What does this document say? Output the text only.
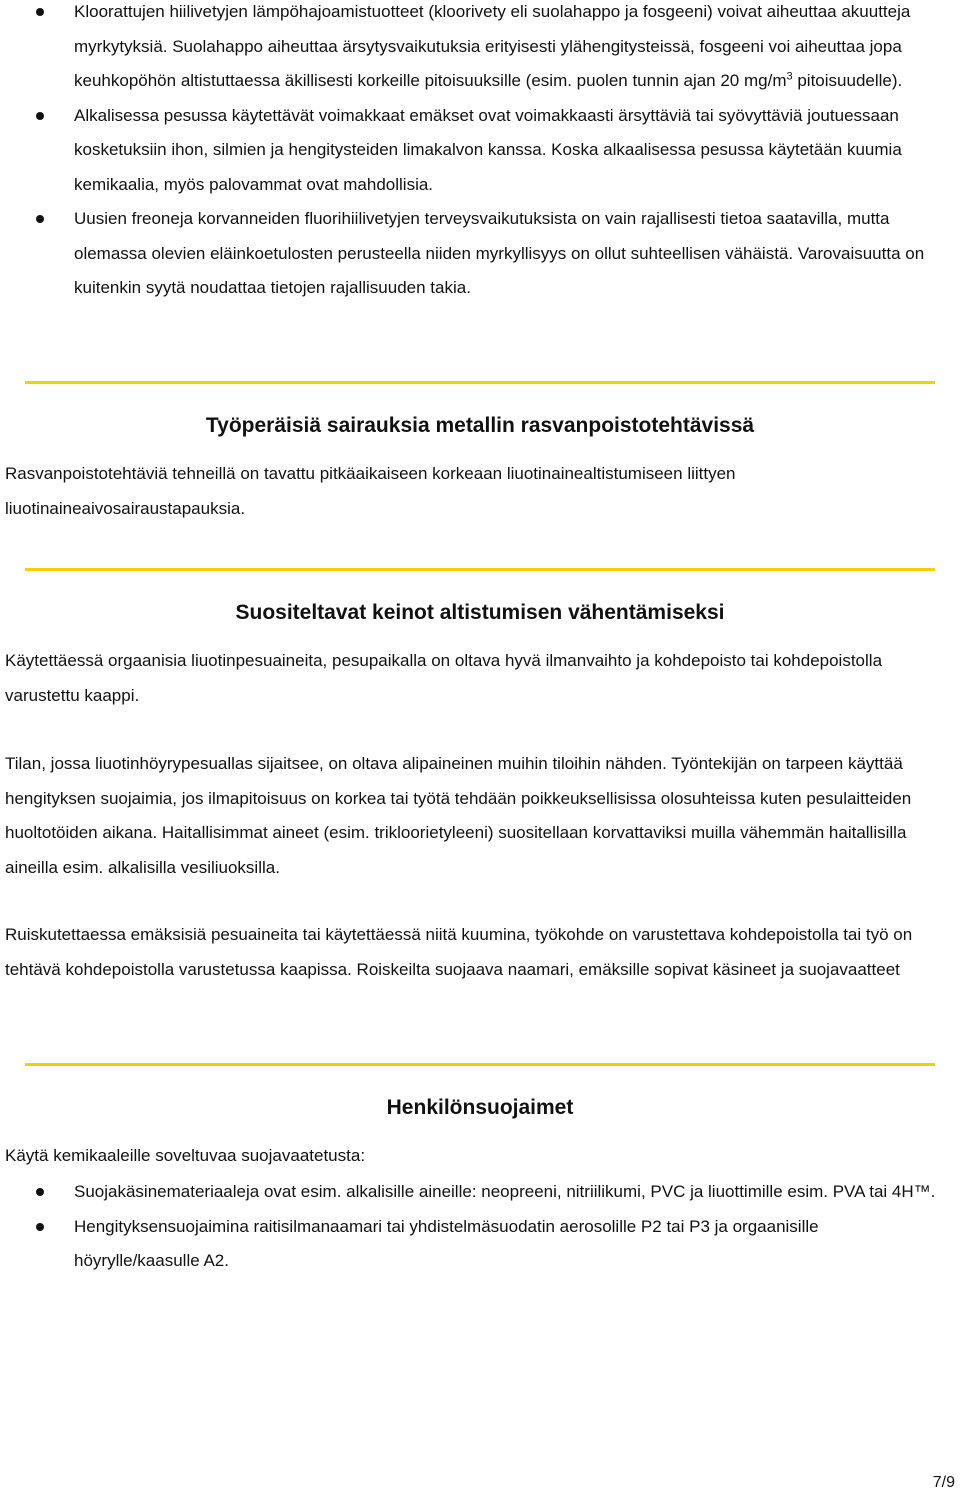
Kloorattujen hiilivetyjen lämpöhajoamistuotteet (kloorivety eli suolahappo ja fosgeeni) voivat aiheuttaa akuutteja myrkytyksiä. Suolahappo aiheuttaa ärsytysvaikutuksia erityisesti ylähengitysteissä, fosgeeni voi aiheuttaa jopa keuhkopöhön altistuttaessa äkillisesti korkeille pitoisuuksille (esim. puolen tunnin ajan 20 $mg/m^3$ pitoisuudelle).
Alkalisessa pesussa käytettävät voimakkaat emäkset ovat voimakkaasti ärsyttäviä tai syövyttäviä joutuessaan kosketuksiin ihon, silmien ja hengitysteiden limakalvon kanssa. Koska alkaalisessa pesussa käytetään kuumia kemikaalia, myös palovammat ovat mahdollisia.
Uusien freoneja korvanneiden fluorihiilivetyjen terveysvaikutuksista on vain rajallisesti tietoa saatavilla, mutta olemassa olevien eläinkoetulosten perusteella niiden myrkyllisyys on ollut suhteellisen vähäistä. Varovaisuutta on kuitenkin syytä noudattaa tietojen rajallisuuden takia.
Työperäisiä sairauksia metallin rasvanpoistotehtävissä

Rasvanpoistotehtäviä tehneillä on tavattu pitkäaikaiseen korkeaan liuotinainealtistumiseen liittyen liuotinaineaivosairaustapauksia.

Suositeltavat keinot altistumisen vähentämiseksi

Käytettäessä orgaanisia liuotinpesuaineita, pesupaikalla on oltava hyvä ilmanvaihto ja kohdepoisto tai kohdepoistolla varustettu kaappi.

Tilan, jossa liuotinhöyrypesuallas sijaitsee, on oltava alipaineinen muihin tiloihin nähden. Työntekijän on tarpeen käyttää hengityksen suojaimia, jos ilmapitoisuus on korkea tai työtä tehdään poikkeuksellisissa olosuhteissa kuten pesulaitteiden huoltotöiden aikana. Haitallisimmat aineet (esim. trikloorietyleeni) suositellaan korvattaviksi muilla vähemmän haitallisilla aineilla esim. alkalisilla vesiliuoksilla.

Ruiskutettaessa emäksisiä pesuaineita tai käytettäessä niitä kuumina, työkohde on varustettava kohdepoistolla tai työ on tehtävä kohdepoistolla varustetussa kaapissa. Roiskeilta suojaava naamari, emäksille sopivat käsineet ja suojavaatteet

Henkilönsuojaimet

Käytä kemikaaleille soveltuvaa suojavaatetusta:

Suojakäsinemateriaaleja ovat esim. alkalisille aineille: neopreeni, nitriilikumi, PVC ja liuottimille esim. PVA tai 4H™.
Hengityksensuojaimina raitisilmanaamari tai yhdistelmäsuodatin aerosolille P2 tai P3 ja orgaanisille höyrylle/kaasulle A2.
7/9
